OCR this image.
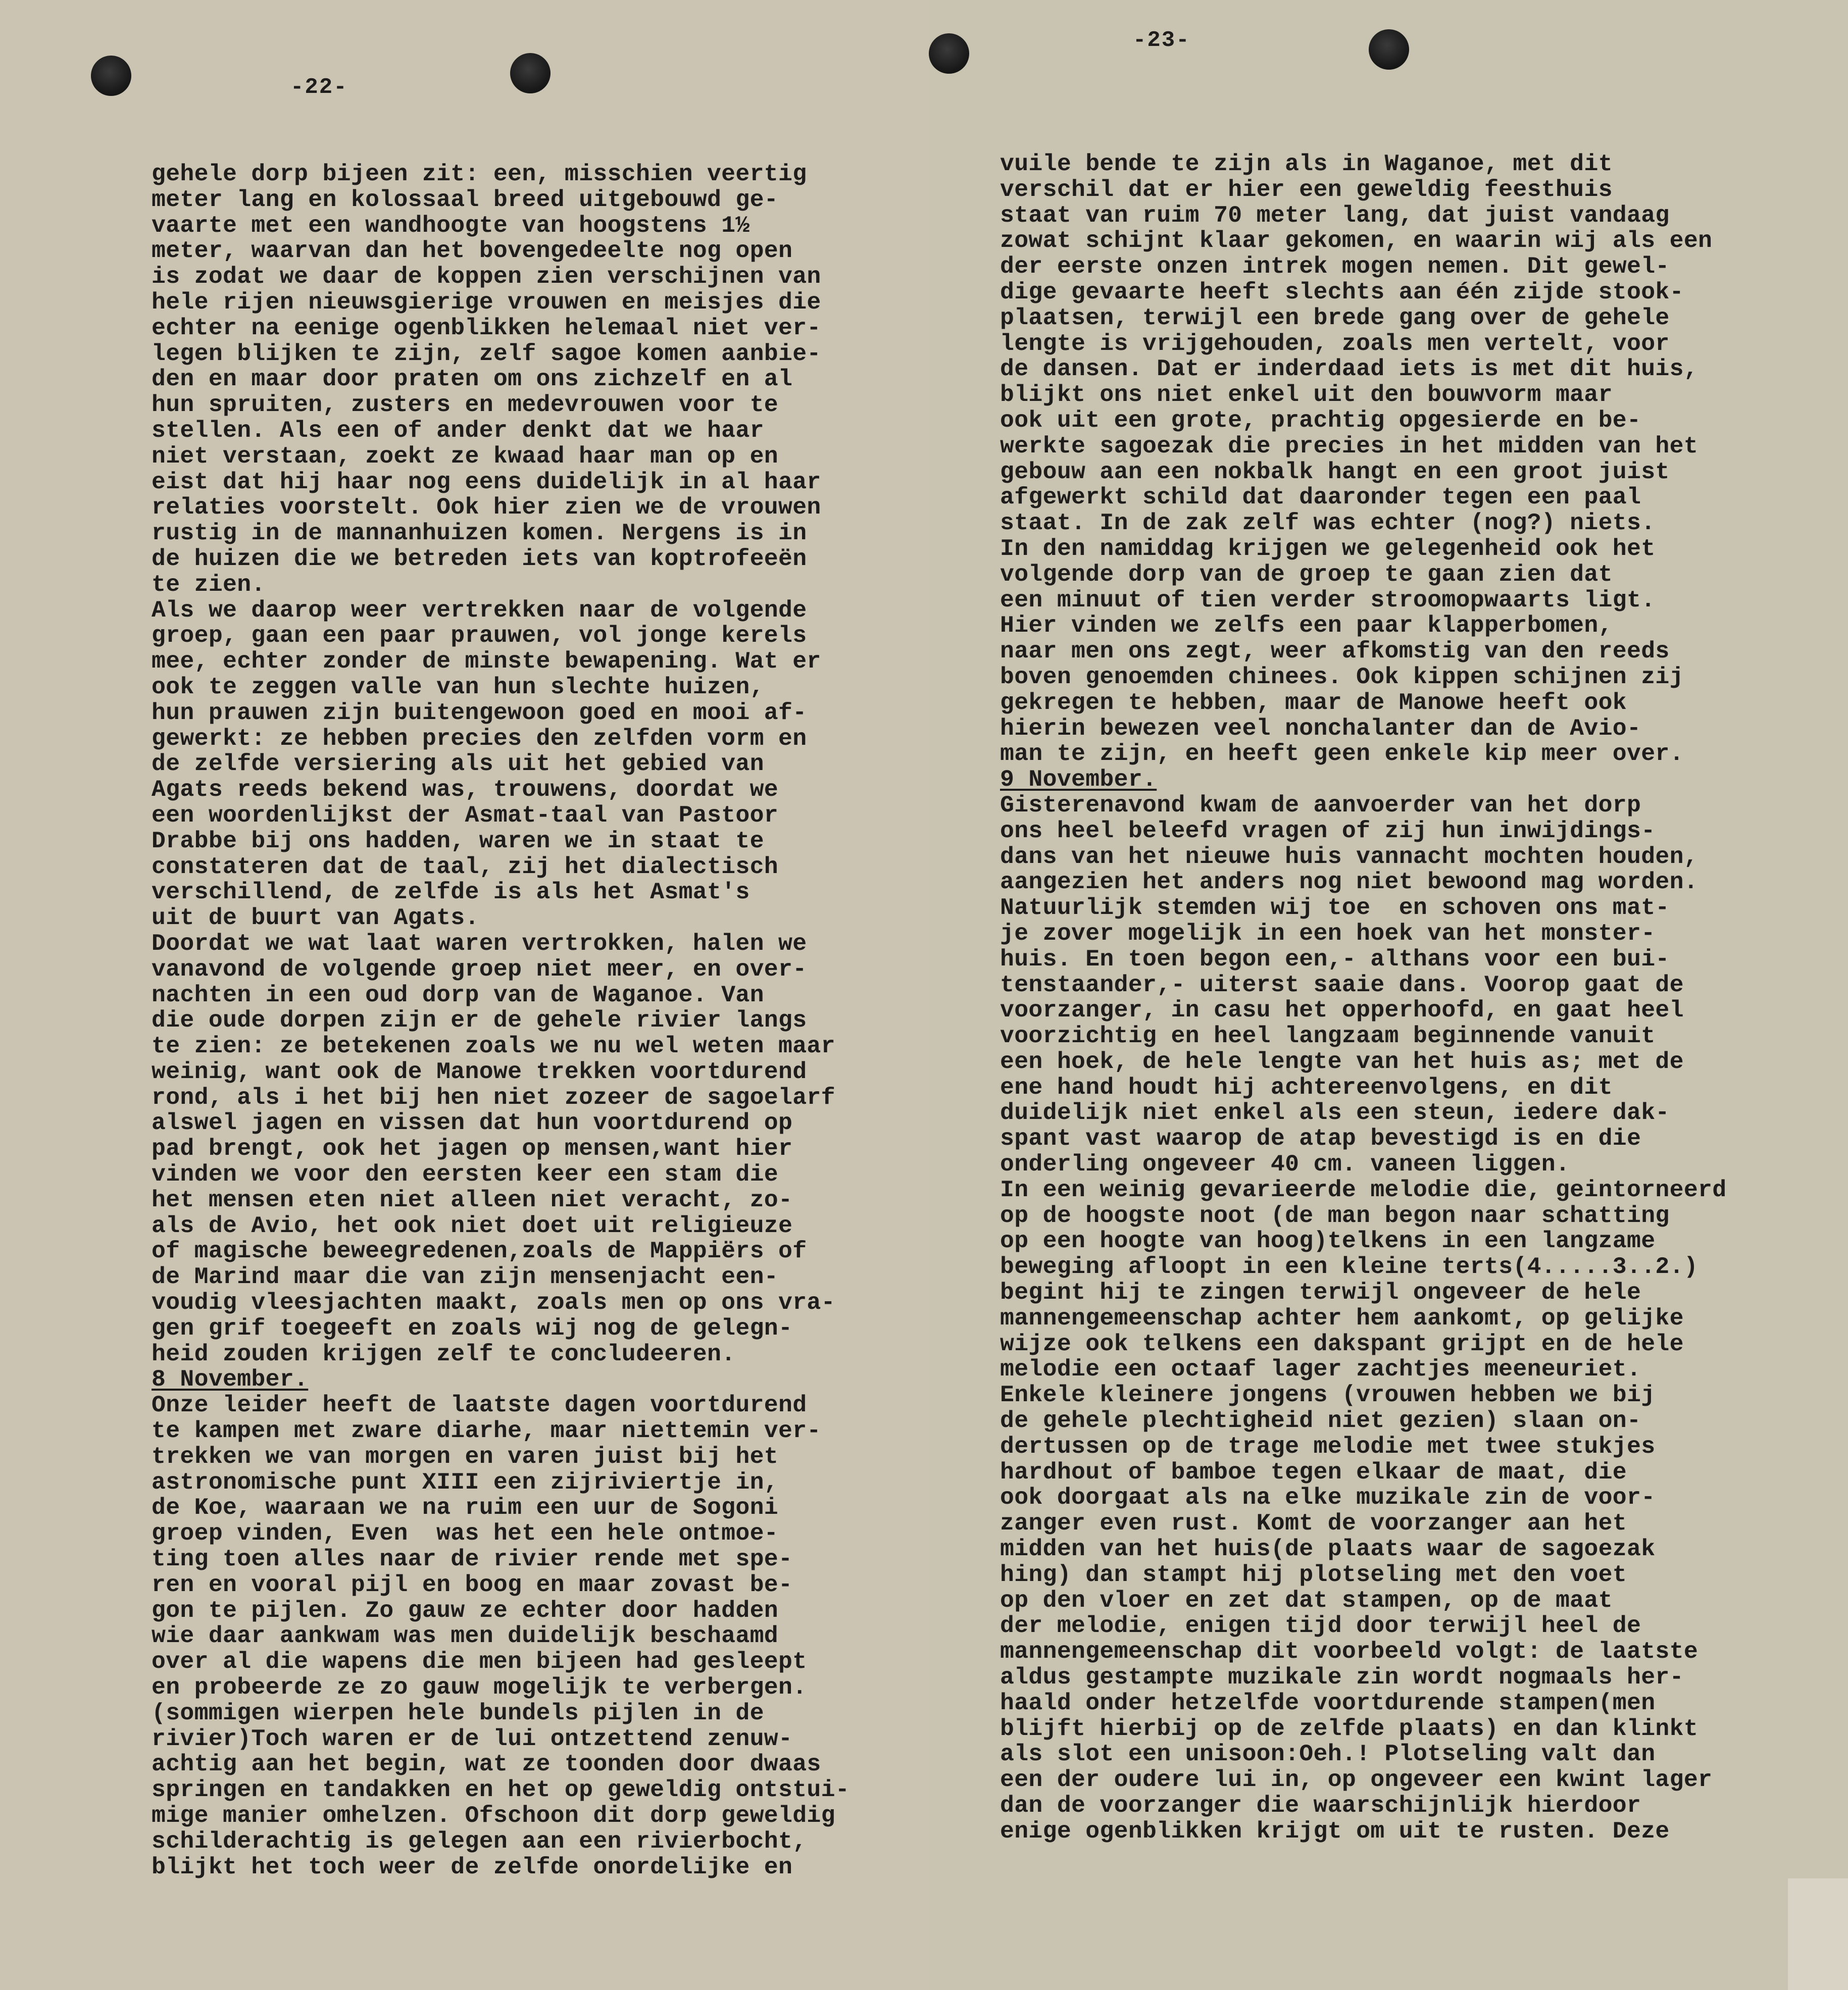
-22-
gehele dorp bijeen zit: een, misschien veertig
meter lang en kolossaal breed uitgebouwd ge-
vaarte met een wandhoogte van hoogstens 1½
meter, waarvan dan het bovengedeelte nog open
is zodat we daar de koppen zien verschijnen van
hele rijen nieuwsgierige vrouwen en meisjes die
echter na eenige ogenblikken helemaal niet ver-
legen blijken te zijn, zelf sagoe komen aanbie-
den en maar door praten om ons zichzelf en al
hun spruiten, zusters en medevrouwen voor te
stellen. Als een of ander denkt dat we haar
niet verstaan, zoekt ze kwaad haar man op en
eist dat hij haar nog eens duidelijk in al haar
relaties voorstelt. Ook hier zien we de vrouwen
rustig in de mannanhuizen komen. Nergens is in
de huizen die we betreden iets van koptrofeeën
te zien.
Als we daarop weer vertrekken naar de volgende
groep, gaan een paar prauwen, vol jonge kerels
mee, echter zonder de minste bewapening. Wat er
ook te zeggen valle van hun slechte huizen,
hun prauwen zijn buitengewoon goed en mooi af-
gewerkt: ze hebben precies den zelfden vorm en
de zelfde versiering als uit het gebied van
Agats reeds bekend was, trouwens, doordat we
een woordenlijkst der Asmat-taal van Pastoor
Drabbe bij ons hadden, waren we in staat te
constateren dat de taal, zij het dialectisch
verschillend, de zelfde is als het Asmat's
uit de buurt van Agats.
Doordat we wat laat waren vertrokken, halen we
vanavond de volgende groep niet meer, en over-
nachten in een oud dorp van de Waganoe. Van
die oude dorpen zijn er de gehele rivier langs
te zien: ze betekenen zoals we nu wel weten maar
weinig, want ook de Manowe trekken voortdurend
rond, als i het bij hen niet zozeer de sagoelarf
alswel jagen en vissen dat hun voortdurend op
pad brengt, ook het jagen op mensen,want hier
vinden we voor den eersten keer een stam die
het mensen eten niet alleen niet veracht, zo-
als de Avio, het ook niet doet uit religieuze
of magische beweegredenen,zoals de Mappiërs of
de Marind maar die van zijn mensenjacht een-
voudig vleesjachten maakt, zoals men op ons vra-
gen grif toegeeft en zoals wij nog de gelegn-
heid zouden krijgen zelf te concludeeren.
8 November.
Onze leider heeft de laatste dagen voortdurend
te kampen met zware diarhe, maar niettemin ver-
trekken we van morgen en varen juist bij het
astronomische punt XIII een zijriviertje in,
de Koe, waaraan we na ruim een uur de Sogoni
groep vinden, Even  was het een hele ontmoe-
ting toen alles naar de rivier rende met spe-
ren en vooral pijl en boog en maar zovast be-
gon te pijlen. Zo gauw ze echter door hadden
wie daar aankwam was men duidelijk beschaamd
over al die wapens die men bijeen had gesleept
en probeerde ze zo gauw mogelijk te verbergen.
(sommigen wierpen hele bundels pijlen in de
rivier)Toch waren er de lui ontzettend zenuw-
achtig aan het begin, wat ze toonden door dwaas
springen en tandakken en het op geweldig ontstui-
mige manier omhelzen. Ofschoon dit dorp geweldig
schilderachtig is gelegen aan een rivierbocht,
blijkt het toch weer de zelfde onordelijke en
-23-
vuile bende te zijn als in Waganoe, met dit
verschil dat er hier een geweldig feesthuis
staat van ruim 70 meter lang, dat juist vandaag
zowat schijnt klaar gekomen, en waarin wij als een
der eerste onzen intrek mogen nemen. Dit gewel-
dige gevaarte heeft slechts aan één zijde stook-
plaatsen, terwijl een brede gang over de gehele
lengte is vrijgehouden, zoals men vertelt, voor
de dansen. Dat er inderdaad iets is met dit huis,
blijkt ons niet enkel uit den bouwvorm maar
ook uit een grote, prachtig opgesierde en be-
werkte sagoezak die precies in het midden van het
gebouw aan een nokbalk hangt en een groot juist
afgewerkt schild dat daaronder tegen een paal
staat. In de zak zelf was echter (nog?) niets.
In den namiddag krijgen we gelegenheid ook het
volgende dorp van de groep te gaan zien dat
een minuut of tien verder stroomopwaarts ligt.
Hier vinden we zelfs een paar klapperbomen,
naar men ons zegt, weer afkomstig van den reeds
boven genoemden chinees. Ook kippen schijnen zij
gekregen te hebben, maar de Manowe heeft ook
hierin bewezen veel nonchalanter dan de Avio-
man te zijn, en heeft geen enkele kip meer over.
9 November.
Gisterenavond kwam de aanvoerder van het dorp
ons heel beleefd vragen of zij hun inwijdings-
dans van het nieuwe huis vannacht mochten houden,
aangezien het anders nog niet bewoond mag worden.
Natuurlijk stemden wij toe  en schoven ons mat-
je zover mogelijk in een hoek van het monster-
huis. En toen begon een,- althans voor een bui-
tenstaander,- uiterst saaie dans. Voorop gaat de
voorzanger, in casu het opperhoofd, en gaat heel
voorzichtig en heel langzaam beginnende vanuit
een hoek, de hele lengte van het huis as; met de
ene hand houdt hij achtereenvolgens, en dit
duidelijk niet enkel als een steun, iedere dak-
spant vast waarop de atap bevestigd is en die
onderling ongeveer 40 cm. vaneen liggen.
In een weinig gevarieerde melodie die, geintorneerd
op de hoogste noot (de man begon naar schatting
op een hoogte van hoog)telkens in een langzame
beweging afloopt in een kleine terts(4.....3..2.)
begint hij te zingen terwijl ongeveer de hele
mannengemeenschap achter hem aankomt, op gelijke
wijze ook telkens een dakspant grijpt en de hele
melodie een octaaf lager zachtjes meeneuriet.
Enkele kleinere jongens (vrouwen hebben we bij
de gehele plechtigheid niet gezien) slaan on-
dertussen op de trage melodie met twee stukjes
hardhout of bamboe tegen elkaar de maat, die
ook doorgaat als na elke muzikale zin de voor-
zanger even rust. Komt de voorzanger aan het
midden van het huis(de plaats waar de sagoezak
hing) dan stampt hij plotseling met den voet
op den vloer en zet dat stampen, op de maat
der melodie, enigen tijd door terwijl heel de
mannengemeenschap dit voorbeeld volgt: de laatste
aldus gestampte muzikale zin wordt nogmaals her-
haald onder hetzelfde voortdurende stampen(men
blijft hierbij op de zelfde plaats) en dan klinkt
als slot een unisoon:Oeh.! Plotseling valt dan
een der oudere lui in, op ongeveer een kwint lager
dan de voorzanger die waarschijnlijk hierdoor
enige ogenblikken krijgt om uit te rusten. Deze
